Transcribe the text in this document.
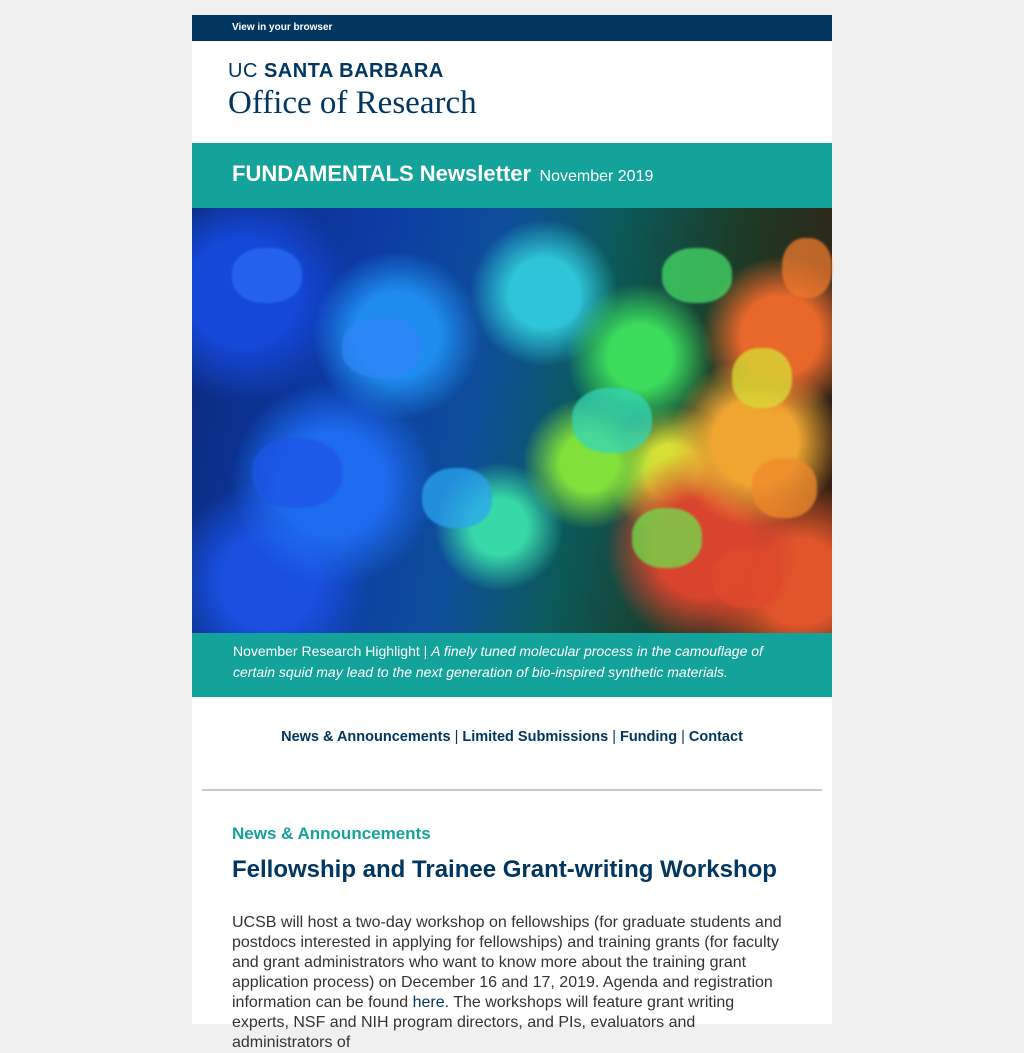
View in your browser
UC SANTA BARBARA
Office of Research
FUNDAMENTALS Newsletter November 2019
November Research Highlight | A finely tuned molecular process in the camouflage of certain squid may lead to the next generation of bio-inspired synthetic materials.
News & Announcements | Limited Submissions | Funding | Contact
News & Announcements
Fellowship and Trainee Grant-writing Workshop
UCSB will host a two-day workshop on fellowships (for graduate students and postdocs interested in applying for fellowships) and training grants (for faculty and grant administrators who want to know more about the training grant application process) on December 16 and 17, 2019. Agenda and registration information can be found here. The workshops will feature grant writing experts, NSF and NIH program directors, and PIs, evaluators and administrators of
